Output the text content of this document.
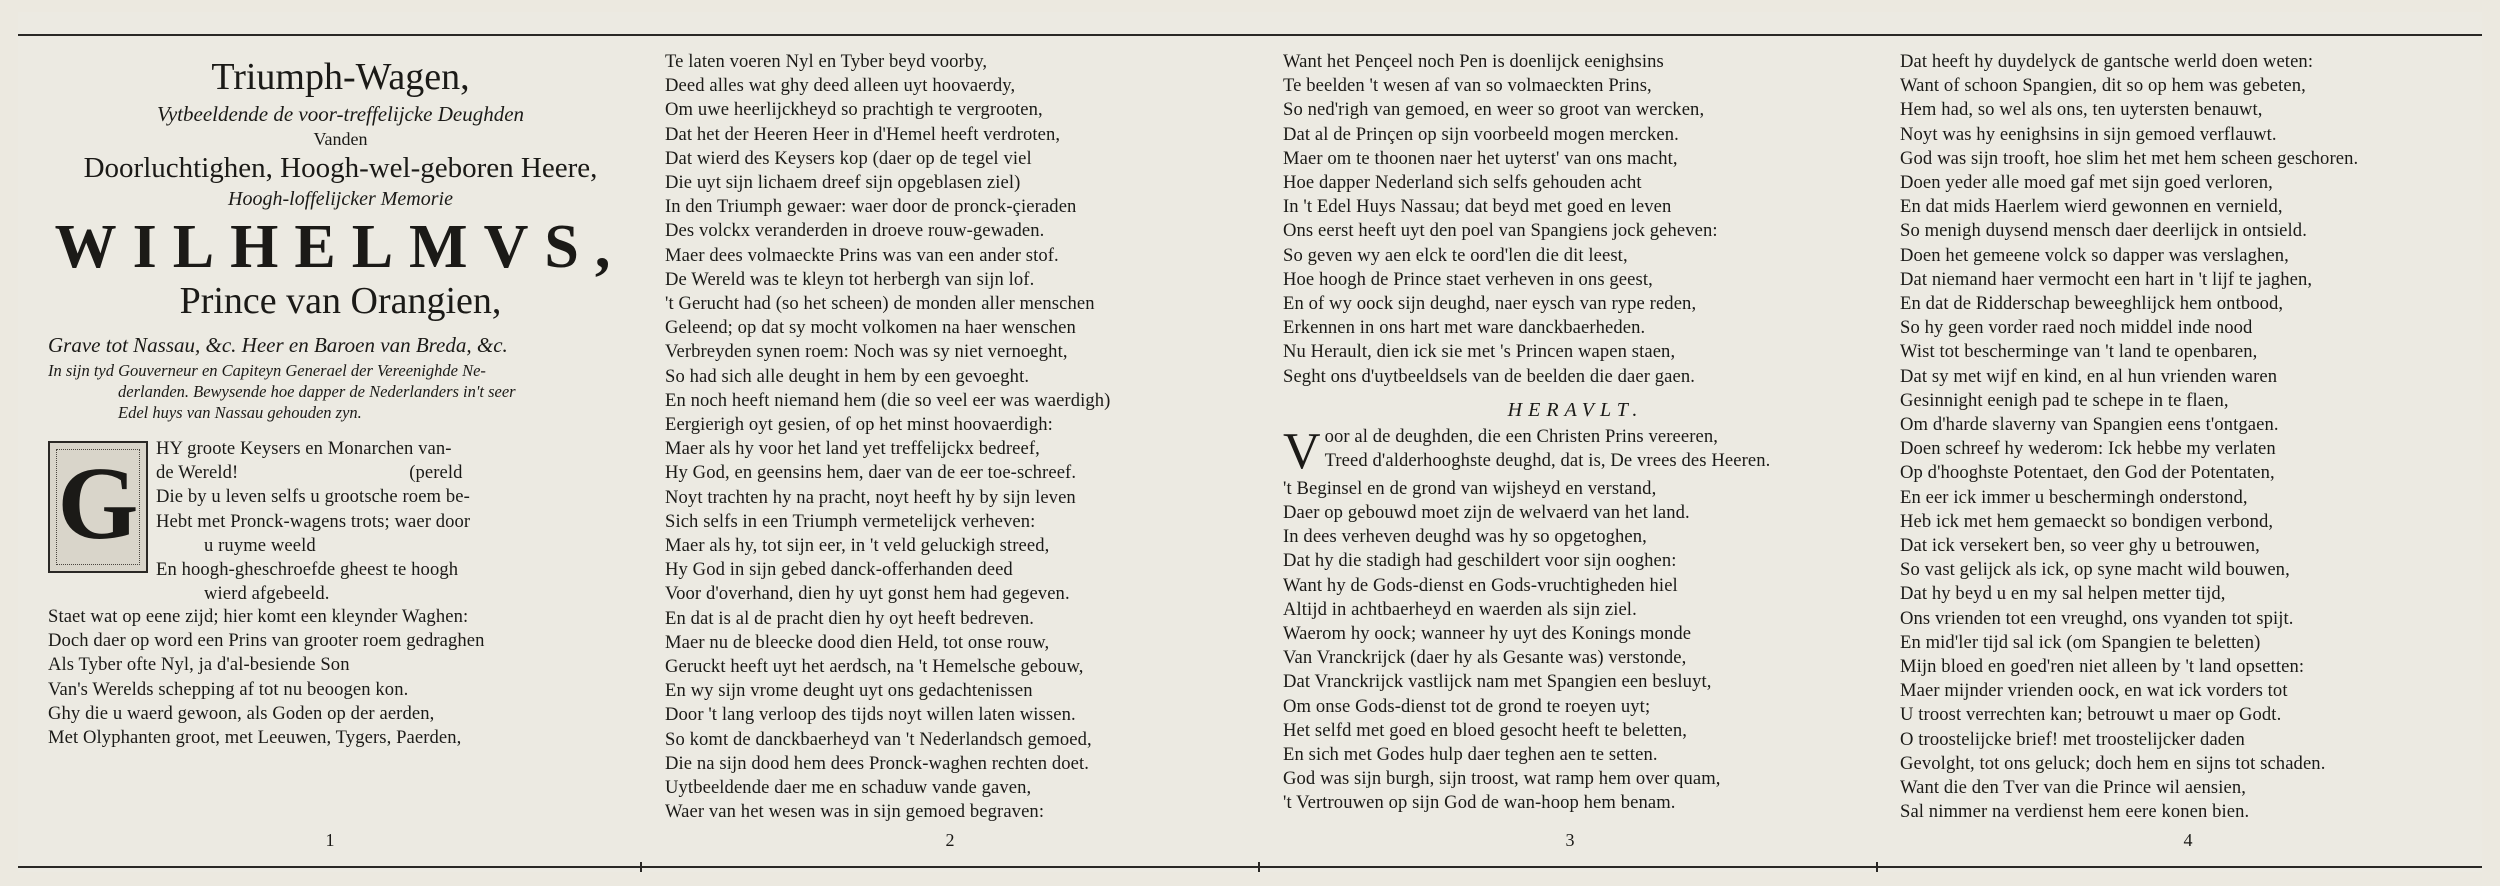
Triumph-Wagen,
Vytbeeldende de voor-treffelijcke Deughden
Vanden
Doorluchtighen, Hoogh-wel-geboren Heere,
Hoogh-loffelijcker Memorie
WILHELMVS,
Prince van Orangien,
Grave tot Nassau, &c. Heer en Baroen van Breda, &c.
In sijn tyd Gouverneur en Capiteyn Generael der Vereenighde Ne-
derlanden. Bewysende hoe dapper de Nederlanders in't seer
Edel huys van Nassau gehouden zyn.
G HY groote Keysers en Monarchen van-
de Wereld!                                    (pereld
Die by u leven selfs u grootsche roem be-
Hebt met Pronck-wagens trots; waer door
u ruyme weeld
En hoogh-gheschroefde gheest te hoogh
wierd afgebeeld.
Staet wat op eene zijd; hier komt een kleynder Waghen:
Doch daer op word een Prins van grooter roem gedraghen
Als Tyber ofte Nyl, ja d'al-besiende Son
Van's Werelds schepping af tot nu beoogen kon.
Ghy die u waerd gewoon, als Goden op der aerden,
Met Olyphanten groot, met Leeuwen, Tygers, Paerden,
Te laten voeren Nyl en Tyber beyd voorby,
Deed alles wat ghy deed alleen uyt hoovaerdy,
Om uwe heerlijckheyd so prachtigh te vergrooten,
Dat het der Heeren Heer in d'Hemel heeft verdroten,
Dat wierd des Keysers kop (daer op de tegel viel
Die uyt sijn lichaem dreef sijn opgeblasen ziel)
In den Triumph gewaer: waer door de pronck-çieraden
Des volckx veranderden in droeve rouw-gewaden.
Maer dees volmaeckte Prins was van een ander stof.
De Wereld was te kleyn tot herbergh van sijn lof.
't Gerucht had (so het scheen) de monden aller menschen
Geleend; op dat sy mocht volkomen na haer wenschen
Verbreyden synen roem: Noch was sy niet vernoeght,
So had sich alle deught in hem by een gevoeght.
En noch heeft niemand hem (die so veel eer was waerdigh)
Eergierigh oyt gesien, of op het minst hoovaerdigh:
Maer als hy voor het land yet treffelijckx bedreef,
Hy God, en geensins hem, daer van de eer toe-schreef.
Noyt trachten hy na pracht, noyt heeft hy by sijn leven
Sich selfs in een Triumph vermetelijck verheven:
Maer als hy, tot sijn eer, in 't veld geluckigh streed,
Hy God in sijn gebed danck-offerhanden deed
Voor d'overhand, dien hy uyt gonst hem had gegeven.
En dat is al de pracht dien hy oyt heeft bedreven.
Maer nu de bleecke dood dien Held, tot onse rouw,
Geruckt heeft uyt het aerdsch, na 't Hemelsche gebouw,
En wy sijn vrome deught uyt ons gedachtenissen
Door 't lang verloop des tijds noyt willen laten wissen.
So komt de danckbaerheyd van 't Nederlandsch gemoed,
Die na sijn dood hem dees Pronck-waghen rechten doet.
Uytbeeldende daer me en schaduw vande gaven,
Waer van het wesen was in sijn gemoed begraven:
Want het Pençeel noch Pen is doenlijck eenighsins
Te beelden 't wesen af van so volmaeckten Prins,
So ned'righ van gemoed, en weer so groot van wercken,
Dat al de Prinçen op sijn voorbeeld mogen mercken.
Maer om te thoonen naer het uyterst' van ons macht,
Hoe dapper Nederland sich selfs gehouden acht
In 't Edel Huys Nassau; dat beyd met goed en leven
Ons eerst heeft uyt den poel van Spangiens jock geheven:
So geven wy aen elck te oord'len die dit leest,
Hoe hoogh de Prince staet verheven in ons geest,
En of wy oock sijn deughd, naer eysch van rype reden,
Erkennen in ons hart met ware danckbaerheden.
Nu Herault, dien ick sie met 's Princen wapen staen,
Seght ons d'uytbeeldsels van de beelden die daer gaen.
HERAVLT.
V oor al de deughden, die een Christen Prins vereeren,
Treed d'alderhooghste deughd, dat is, De vrees des Heeren.
't Beginsel en de grond van wijsheyd en verstand,
Daer op gebouwd moet zijn de welvaerd van het land.
In dees verheven deughd was hy so opgetoghen,
Dat hy die stadigh had geschildert voor sijn ooghen:
Want hy de Gods-dienst en Gods-vruchtigheden hiel
Altijd in achtbaerheyd en waerden als sijn ziel.
Waerom hy oock; wanneer hy uyt des Konings monde
Van Vranckrijck (daer hy als Gesante was) verstonde,
Dat Vranckrijck vastlijck nam met Spangien een besluyt,
Om onse Gods-dienst tot de grond te roeyen uyt;
Het selfd met goed en bloed gesocht heeft te beletten,
En sich met Godes hulp daer teghen aen te setten.
God was sijn burgh, sijn troost, wat ramp hem over quam,
't Vertrouwen op sijn God de wan-hoop hem benam.
Dat heeft hy duydelyck de gantsche werld doen weten:
Want of schoon Spangien, dit so op hem was gebeten,
Hem had, so wel als ons, ten uytersten benauwt,
Noyt was hy eenighsins in sijn gemoed verflauwt.
God was sijn trooft, hoe slim het met hem scheen geschoren.
Doen yeder alle moed gaf met sijn goed verloren,
En dat mids Haerlem wierd gewonnen en vernield,
So menigh duysend mensch daer deerlijck in ontsield.
Doen het gemeene volck so dapper was verslaghen,
Dat niemand haer vermocht een hart in 't lijf te jaghen,
En dat de Ridderschap beweeghlijck hem ontbood,
So hy geen vorder raed noch middel inde nood
Wist tot bescherminge van 't land te openbaren,
Dat sy met wijf en kind, en al hun vrienden waren
Gesinnight eenigh pad te schepe in te flaen,
Om d'harde slaverny van Spangien eens t'ontgaen.
Doen schreef hy wederom: Ick hebbe my verlaten
Op d'hooghste Potentaet, den God der Potentaten,
En eer ick immer u beschermingh onderstond,
Heb ick met hem gemaeckt so bondigen verbond,
Dat ick versekert ben, so veer ghy u betrouwen,
So vast gelijck als ick, op syne macht wild bouwen,
Dat hy beyd u en my sal helpen metter tijd,
Ons vrienden tot een vreughd, ons vyanden tot spijt.
En mid'ler tijd sal ick (om Spangien te beletten)
Mijn bloed en goed'ren niet alleen by 't land opsetten:
Maer mijnder vrienden oock, en wat ick vorders tot
U troost verrechten kan; betrouwt u maer op Godt.
O troostelijcke brief! met troostelijcker daden
Gevolght, tot ons geluck; doch hem en sijns tot schaden.
Want die den Tver van die Prince wil aensien,
Sal nimmer na verdienst hem eere konen bien.
1	2	3	4
